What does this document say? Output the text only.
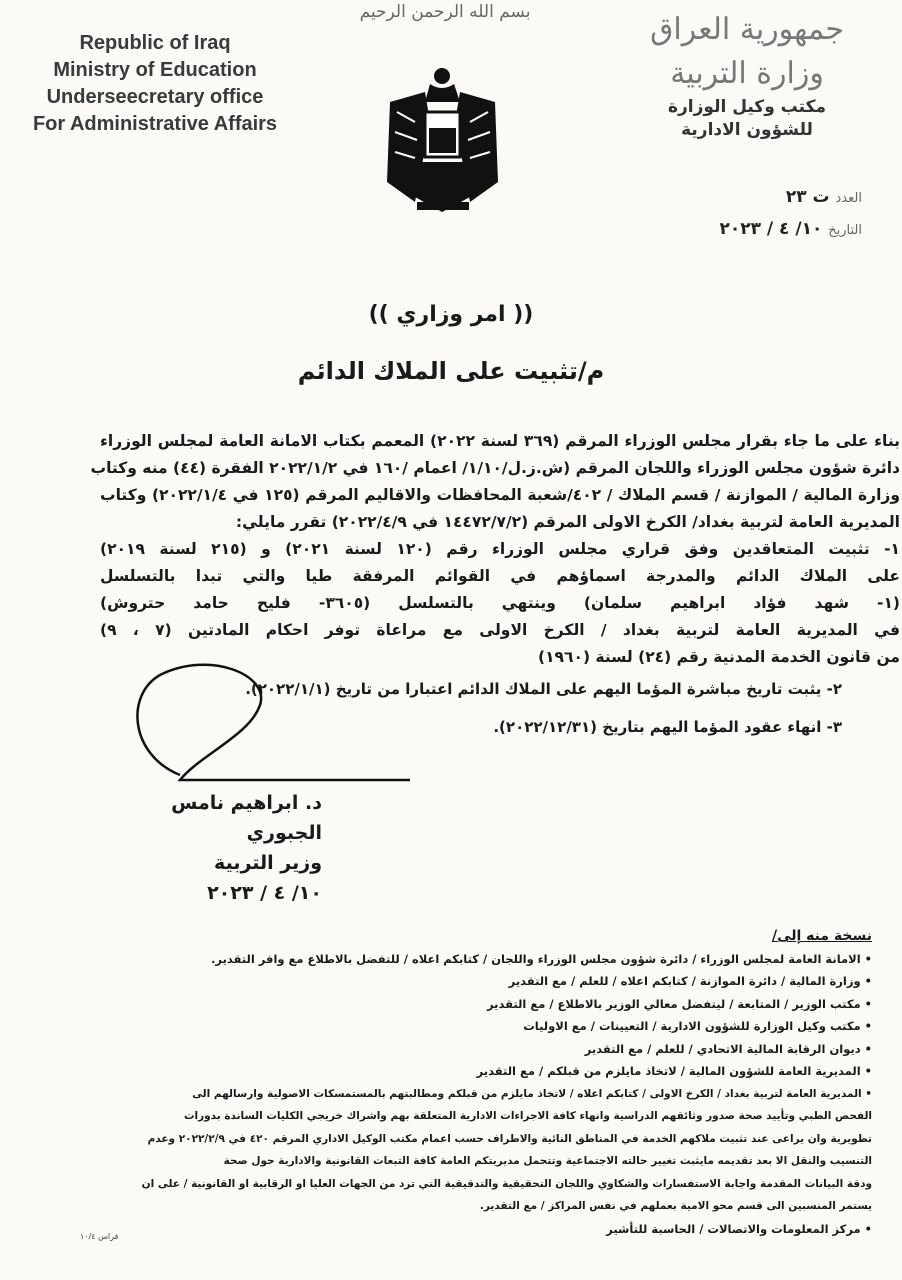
Republic of Iraq
Ministry of Education
Underseecretary office
For Administrative Affairs
بسم الله الرحمن الرحيم	جمهورية العراق
وزارة التربية
مكتب وكيل الوزارة
للشؤون الادارية
العدد ت ٢٣
التاريخ ١٠/ ٤ / ٢٠٢٣
(( امر وزاري ))
م/تثبيت على الملاك الدائم
بناء على ما جاء بقرار مجلس الوزراء المرقم (٣٦٩ لسنة ٢٠٢٢) المعمم بكتاب الامانة العامة لمجلس الوزراء
دائرة شؤون مجلس الوزراء واللجان المرقم (ش.ز.ل/١/١٠/ اعمام /١٦٠ في ٢٠٢٢/١/٢ الفقرة (٤٤) منه وكتاب
وزارة المالية / الموازنة / قسم الملاك / ٤٠٢/شعبة المحافظات والاقاليم المرقم (١٢٥ في ٢٠٢٢/١/٤) وكتاب
المديرية العامة لتربية بغداد/ الكرخ الاولى المرقم (١٤٤٧٢/٧/٢ في ٢٠٢٢/٤/٩) تقرر مايلي:
١- تثبيت المتعاقدين وفق قراري مجلس الوزراء رقم (١٢٠ لسنة ٢٠٢١) و (٢١٥ لسنة ٢٠١٩)
على الملاك الدائم والمدرجة اسماؤهم في القوائم المرفقة طيا والتي تبدا بالتسلسل
(١- شهد فؤاد ابراهيم سلمان) وينتهي بالتسلسل (٣٦٠٥- فليح حامد حتروش)
في المديرية العامة لتربية بغداد / الكرخ الاولى مع مراعاة توفر احكام المادتين (٧ ، ٩)
من قانون الخدمة المدنية رقم (٢٤) لسنة (١٩٦٠)
٢- يثبت تاريخ مباشرة المؤما اليهم على الملاك الدائم اعتبارا من تاريخ (٢٠٢٢/١/١).
٣- انهاء عقود المؤما اليهم بتاريخ (٢٠٢٢/١٢/٣١).
د. ابراهيم نامس الجبوري
وزير التربية
١٠/ ٤ / ٢٠٢٣
نسخة منه إلى/
• الامانة العامة لمجلس الوزراء / دائرة شؤون مجلس الوزراء واللجان / كتابكم اعلاه / للتفضل بالاطلاع مع وافر التقدير.
• وزارة المالية / دائرة الموازنة / كتابكم اعلاه / للعلم / مع التقدير
• مكتب الوزير / المتابعة / ليتفضل معالي الوزير بالاطلاع / مع التقدير
• مكتب وكيل الوزارة للشؤون الادارية / التعيينات / مع الاوليات
• ديوان الرقابة المالية الاتحادي / للعلم / مع التقدير
• المديرية العامة للشؤون المالية / لاتخاذ مايلزم من قبلكم / مع التقدير
• المديرية العامة لتربية بغداد / الكرخ الاولى / كتابكم اعلاه / لاتخاذ مايلزم من قبلكم ومطالبتهم بالمستمسكات الاصولية وارسالهم الى
الفحص الطبي وتأييد صحة صدور وثائقهم الدراسية وانهاء كافة الاجراءات الادارية المتعلقة بهم واشراك خريجي الكليات الساندة بدورات
تطويرية وان يراعى عند تثبيت ملاكهم الخدمة في المناطق النائية والاطراف حسب اعمام مكتب الوكيل الاداري المرقم ٤٢٠ في ٢٠٢٢/٢/٩ وعدم
التنسيب والنقل الا بعد تقديمه مايثبت تغيير حالته الاجتماعية وتتحمل مديريتكم العامة كافة التبعات القانونية والادارية حول صحة
ودقة البيانات المقدمة واجابة الاستفسارات والشكاوي واللجان التحقيقية والتدقيقية التي ترد من الجهات العليا او الرقابية او القانونية / على ان
يستمر المنسبين الى قسم محو الامية بعملهم في نفس المراكز / مع التقدير.
• مركز المعلومات والاتصالات / الحاسبة للتأشير
فراس ١٠/٤
